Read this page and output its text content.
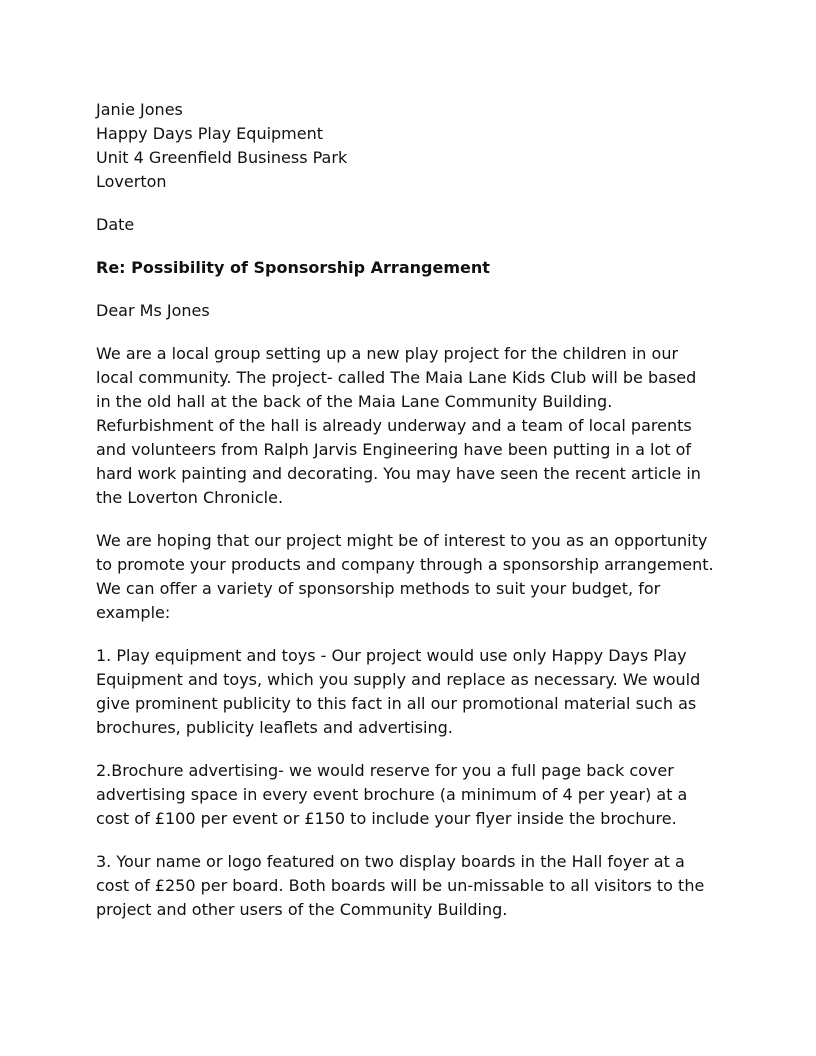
Janie Jones
Happy Days Play Equipment
Unit 4 Greenfield Business Park
Loverton
Date
Re: Possibility of Sponsorship Arrangement
Dear Ms Jones
We are a local group setting up a new play project for the children in our
local community. The project- called The Maia Lane Kids Club will be based
in the old hall at the back of the Maia Lane Community Building.
Refurbishment of the hall is already underway and a team of local parents
and volunteers from Ralph Jarvis Engineering have been putting in a lot of
hard work painting and decorating. You may have seen the recent article in
the Loverton Chronicle.
We are hoping that our project might be of interest to you as an opportunity
to promote your products and company through a sponsorship arrangement.
We can offer a variety of sponsorship methods to suit your budget, for
example:
1. Play equipment and toys - Our project would use only Happy Days Play
Equipment and toys, which you supply and replace as necessary. We would
give prominent publicity to this fact in all our promotional material such as
brochures, publicity leaflets and advertising.
2.Brochure advertising- we would reserve for you a full page back cover
advertising space in every event brochure (a minimum of 4 per year) at a
cost of £100 per event or £150 to include your flyer inside the brochure.
3. Your name or logo featured on two display boards in the Hall foyer at a
cost of £250 per board. Both boards will be un-missable to all visitors to the
project and other users of the Community Building.
